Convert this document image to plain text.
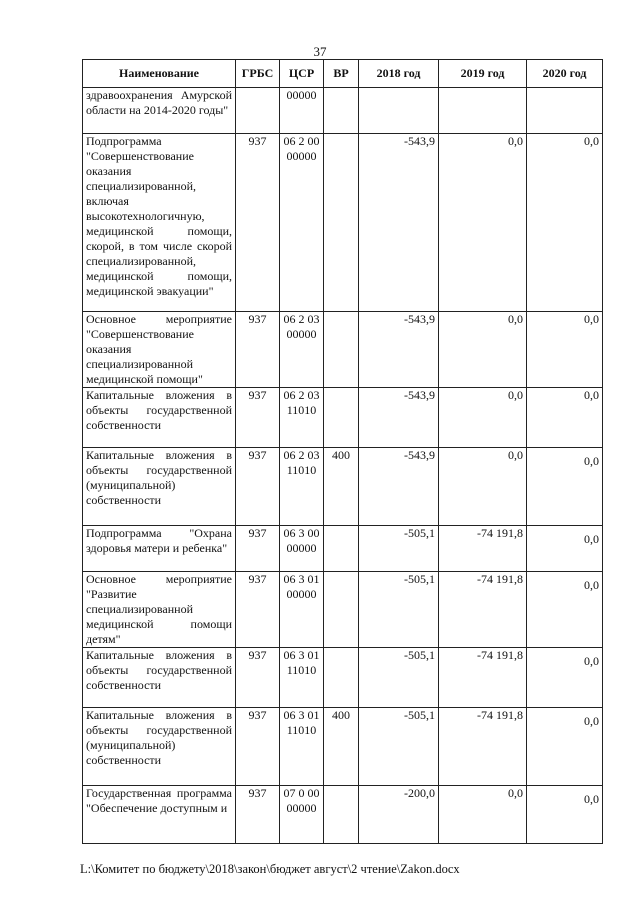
37
Наименование	ГРБС	ЦСР	ВР	2018 год	2019 год	2020 год
здравоохранения Амурской области на 2014-2020 годы"		00000				
Подпрограмма "Совершенствование оказания специализированной, включая высокотехнологичную, медицинской помощи, скорой, в том числе скорой специализированной, медицинской помощи, медицинской эвакуации"	937	06 2 00 00000		-543,9	0,0	0,0
Основное мероприятие "Совершенствование оказания специализированной медицинской помощи"	937	06 2 03 00000		-543,9	0,0	0,0
Капитальные вложения в объекты государственной собственности	937	06 2 03 11010		-543,9	0,0	0,0
Капитальные вложения в объекты государственной (муниципальной) собственности	937	06 2 03 11010	400	-543,9	0,0	0,0
Подпрограмма "Охрана здоровья матери и ребенка"	937	06 3 00 00000		-505,1	-74 191,8	0,0
Основное мероприятие "Развитие специализированной медицинской помощи детям"	937	06 3 01 00000		-505,1	-74 191,8	0,0
Капитальные вложения в объекты государственной собственности	937	06 3 01 11010		-505,1	-74 191,8	0,0
Капитальные вложения в объекты государственной (муниципальной) собственности	937	06 3 01 11010	400	-505,1	-74 191,8	0,0
Государственная программа "Обеспечение доступным и	937	07 0 00 00000		-200,0	0,0	0,0
L:\Комитет по бюджету\2018\закон\бюджет август\2 чтение\Zakon.docx
